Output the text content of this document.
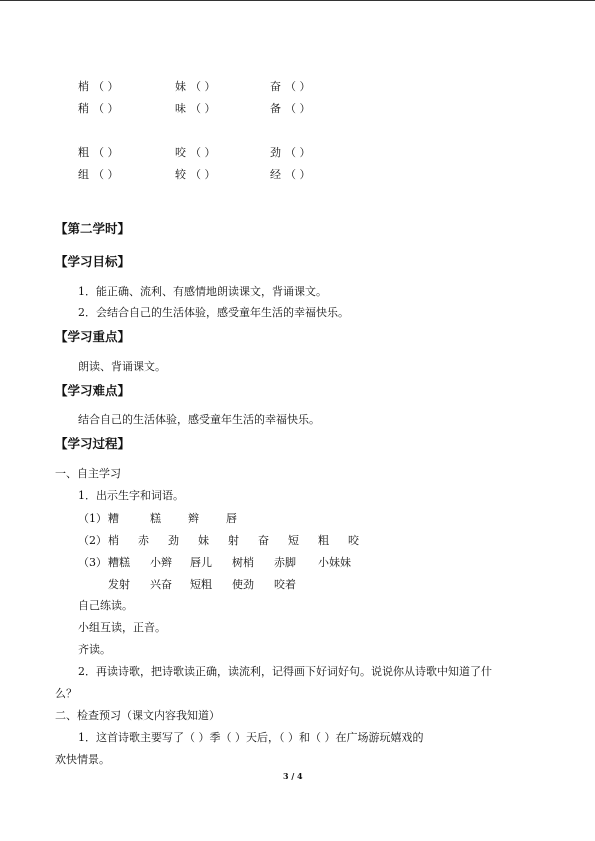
梢 （ ）	妹 （ ）	奋 （ ）
稍 （ ）	味 （ ）	备 （ ）
粗 （ ）	咬 （ ）	劲 （ ）
组 （ ）	较 （ ）	经 （ ）
【第二学时】
【学习目标】
1．能正确、流利、有感情地朗读课文，背诵课文。
2．会结合自己的生活体验，感受童年生活的幸福快乐。
【学习重点】
朗读、背诵课文。
【学习难点】
结合自己的生活体验，感受童年生活的幸福快乐。
【学习过程】
一、自主学习
1．出示生字和词语。
（1） 糟	糕 辫 唇
（2） 梢 赤 劲 妹 射 奋 短 粗 咬
（3） 糟糕 小辫 唇儿 树梢 赤脚 小妹妹
发射 兴奋 短粗 使劲 咬着
自己练读。
小组互读，正音。
齐读。
2．再读诗歌，把诗歌读正确，读流利，记得画下好词好句。说说你从诗歌中知道了什
么？
二、检查预习（课文内容我知道）
1．这首诗歌主要写了（ ）季（ ）天后，（ ）和（ ）在广场游玩嬉戏的
欢快情景。
3 / 4
